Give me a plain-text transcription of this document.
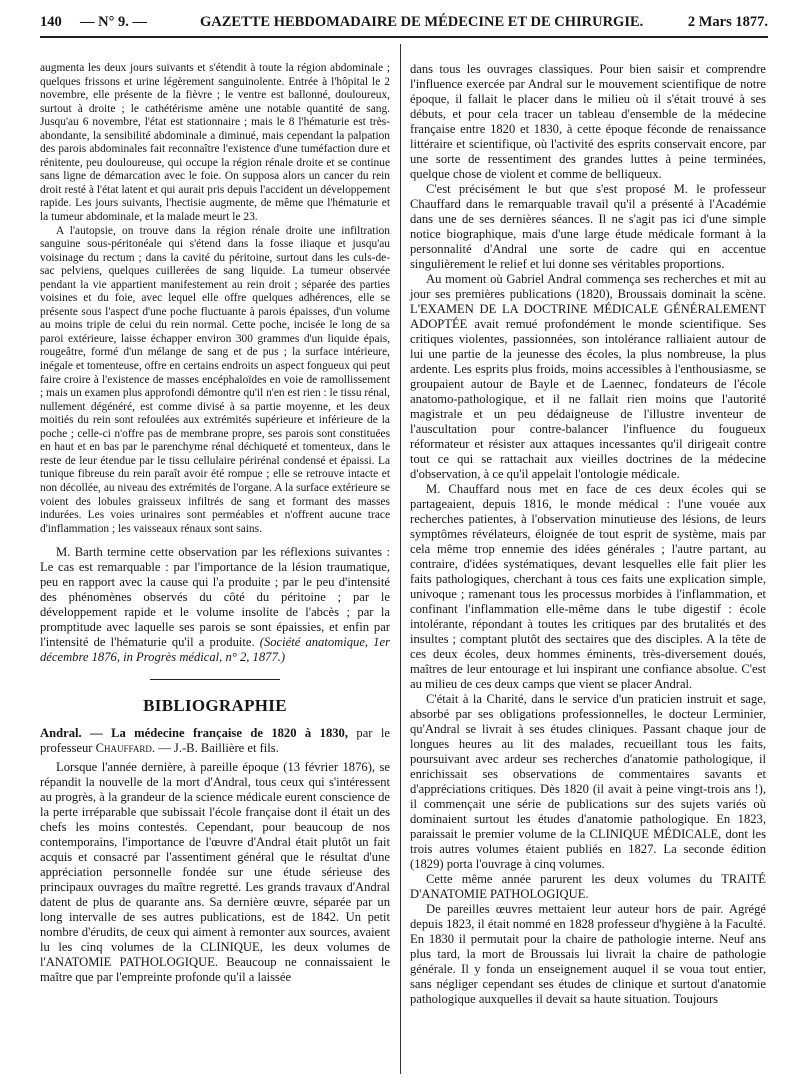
140 — N° 9. —	GAZETTE HEBDOMADAIRE DE MÉDECINE ET DE CHIRURGIE.	2 Mars 1877.

augmenta les deux jours suivants et s'étendit à toute la région abdominale ; quelques frissons et urine légèrement sanguinolente. Entrée à l'hôpital le 2 novembre, elle présente de la fièvre ; le ventre est ballonné, douloureux, surtout à droite ; le cathétérisme amène une notable quantité de sang. Jusqu'au 6 novembre, l'état est stationnaire ; mais le 8 l'hématurie est très-abondante, la sensibilité abdominale a diminué, mais cependant la palpation des parois abdominales fait reconnaître l'existence d'une tuméfaction dure et rénitente, peu douloureuse, qui occupe la région rénale droite et se continue sans ligne de démarcation avec le foie. On supposa alors un cancer du rein droit resté à l'état latent et qui aurait pris depuis l'accident un développement rapide. Les jours suivants, l'hectisie augmente, de même que l'hématurie et la tumeur abdominale, et la malade meurt le 23.

A l'autopsie, on trouve dans la région rénale droite une infiltration sanguine sous-péritonéale qui s'étend dans la fosse iliaque et jusqu'au voisinage du rectum ; dans la cavité du péritoine, surtout dans les culs-de-sac pelviens, quelques cuillerées de sang liquide. La tumeur observée pendant la vie appartient manifestement au rein droit ; séparée des parties voisines et du foie, avec lequel elle offre quelques adhérences, elle se présente sous l'aspect d'une poche fluctuante à parois épaisses, d'un volume au moins triple de celui du rein normal. Cette poche, incisée le long de sa paroi extérieure, laisse échapper environ 300 grammes d'un liquide épais, rougeâtre, formé d'un mélange de sang et de pus ; la surface intérieure, inégale et tomenteuse, offre en certains endroits un aspect fongueux qui peut faire croire à l'existence de masses encéphaloïdes en voie de ramollissement ; mais un examen plus approfondi démontre qu'il n'en est rien : le tissu rénal, nullement dégénéré, est comme divisé à sa partie moyenne, et les deux moitiés du rein sont refoulées aux extrémités supérieure et inférieure de la poche ; celle-ci n'offre pas de membrane propre, ses parois sont constituées en haut et en bas par le parenchyme rénal déchiqueté et tomenteux, dans le reste de leur étendue par le tissu cellulaire périrénal condensé et épaissi. La tunique fibreuse du rein paraît avoir été rompue ; elle se retrouve intacte et non décollée, au niveau des extrémités de l'organe. A la surface extérieure se voient des lobules graisseux infiltrés de sang et formant des masses indurées. Les voies urinaires sont perméables et n'offrent aucune trace d'inflammation ; les vaisseaux rénaux sont sains.

M. Barth termine cette observation par les réflexions suivantes : Le cas est remarquable : par l'importance de la lésion traumatique, peu en rapport avec la cause qui l'a produite ; par le peu d'intensité des phénomènes observés du côté du péritoine ; par le développement rapide et le volume insolite de l'abcès ; par la promptitude avec laquelle ses parois se sont épaissies, et enfin par l'intensité de l'hématurie qu'il a produite. (Société anatomique, 1er décembre 1876, in Progrès médical, n° 2, 1877.)

BIBLIOGRAPHIE

Andral. — La médecine française de 1820 à 1830, par le professeur Chauffard. — J.-B. Baillière et fils.

Lorsque l'année dernière, à pareille époque (13 février 1876), se répandit la nouvelle de la mort d'Andral, tous ceux qui s'intéressent au progrès, à la grandeur de la science médicale eurent conscience de la perte irréparable que subissait l'école française dont il était un des chefs les moins contestés. Cependant, pour beaucoup de nos contemporains, l'importance de l'œuvre d'Andral était plutôt un fait acquis et consacré par l'assentiment général que le résultat d'une appréciation personnelle fondée sur une étude sérieuse des principaux ouvrages du maître regretté. Les grands travaux d'Andral datent de plus de quarante ans. Sa dernière œuvre, séparée par un long intervalle de ses autres publications, est de 1842. Un petit nombre d'érudits, de ceux qui aiment à remonter aux sources, avaient lu les cinq volumes de la CLINIQUE, les deux volumes de l'ANATOMIE PATHOLOGIQUE. Beaucoup ne connaissaient le maître que par l'empreinte profonde qu'il a laissée

dans tous les ouvrages classiques. Pour bien saisir et comprendre l'influence exercée par Andral sur le mouvement scientifique de notre époque, il fallait le placer dans le milieu où il s'était trouvé à ses débuts, et pour cela tracer un tableau d'ensemble de la médecine française entre 1820 et 1830, à cette époque féconde de renaissance littéraire et scientifique, où l'activité des esprits conservait encore, par une sorte de ressentiment des grandes luttes à peine terminées, quelque chose de violent et comme de belliqueux.

C'est précisément le but que s'est proposé M. le professeur Chauffard dans le remarquable travail qu'il a présenté à l'Académie dans une de ses dernières séances. Il ne s'agit pas ici d'une simple notice biographique, mais d'une large étude médicale formant à la personnalité d'Andral une sorte de cadre qui en accentue singulièrement le relief et lui donne ses véritables proportions.

Au moment où Gabriel Andral commença ses recherches et mit au jour ses premières publications (1820), Broussais dominait la scène. L'EXAMEN DE LA DOCTRINE MÉDICALE GÉNÉRALEMENT ADOPTÉE avait remué profondément le monde scientifique. Ses critiques violentes, passionnées, son intolérance ralliaient autour de lui une partie de la jeunesse des écoles, la plus nombreuse, la plus ardente. Les esprits plus froids, moins accessibles à l'enthousiasme, se groupaient autour de Bayle et de Laennec, fondateurs de l'école anatomo-pathologique, et il ne fallait rien moins que l'autorité magistrale et un peu dédaigneuse de l'illustre inventeur de l'auscultation pour contre-balancer l'influence du fougueux réformateur et résister aux attaques incessantes qu'il dirigeait contre tout ce qui se rattachait aux vieilles doctrines de la médecine d'observation, à ce qu'il appelait l'ontologie médicale.

M. Chauffard nous met en face de ces deux écoles qui se partageaient, depuis 1816, le monde médical : l'une vouée aux recherches patientes, à l'observation minutieuse des lésions, de leurs symptômes révélateurs, éloignée de tout esprit de système, mais par cela même trop ennemie des idées générales ; l'autre partant, au contraire, d'idées systématiques, devant lesquelles elle fait plier les faits pathologiques, cherchant à tous ces faits une explication simple, univoque ; ramenant tous les processus morbides à l'inflammation, et confinant l'inflammation elle-même dans le tube digestif : école intolérante, répondant à toutes les critiques par des brutalités et des insultes ; comptant plutôt des sectaires que des disciples. A la tête de ces deux écoles, deux hommes éminents, très-diversement doués, maîtres de leur entourage et lui inspirant une confiance absolue. C'est au milieu de ces deux camps que vient se placer Andral.

C'était à la Charité, dans le service d'un praticien instruit et sage, absorbé par ses obligations professionnelles, le docteur Lerminier, qu'Andral se livrait à ses études cliniques. Passant chaque jour de longues heures au lit des malades, recueillant tous les faits, poursuivant avec ardeur ses recherches d'anatomie pathologique, il enrichissait ses observations de commentaires savants et d'appréciations critiques. Dès 1820 (il avait à peine vingt-trois ans !), il commençait une série de publications sur des sujets variés où dominaient surtout les études d'anatomie pathologique. En 1823, paraissait le premier volume de la CLINIQUE MÉDICALE, dont les trois autres volumes étaient publiés en 1827. La seconde édition (1829) porta l'ouvrage à cinq volumes.

Cette même année parurent les deux volumes du TRAITÉ D'ANATOMIE PATHOLOGIQUE.

De pareilles œuvres mettaient leur auteur hors de pair. Agrégé depuis 1823, il était nommé en 1828 professeur d'hygiène à la Faculté. En 1830 il permutait pour la chaire de pathologie interne. Neuf ans plus tard, la mort de Broussais lui livrait la chaire de pathologie générale. Il y fonda un enseignement auquel il se voua tout entier, sans négliger cependant ses études de clinique et surtout d'anatomie pathologique auxquelles il devait sa haute situation. Toujours
